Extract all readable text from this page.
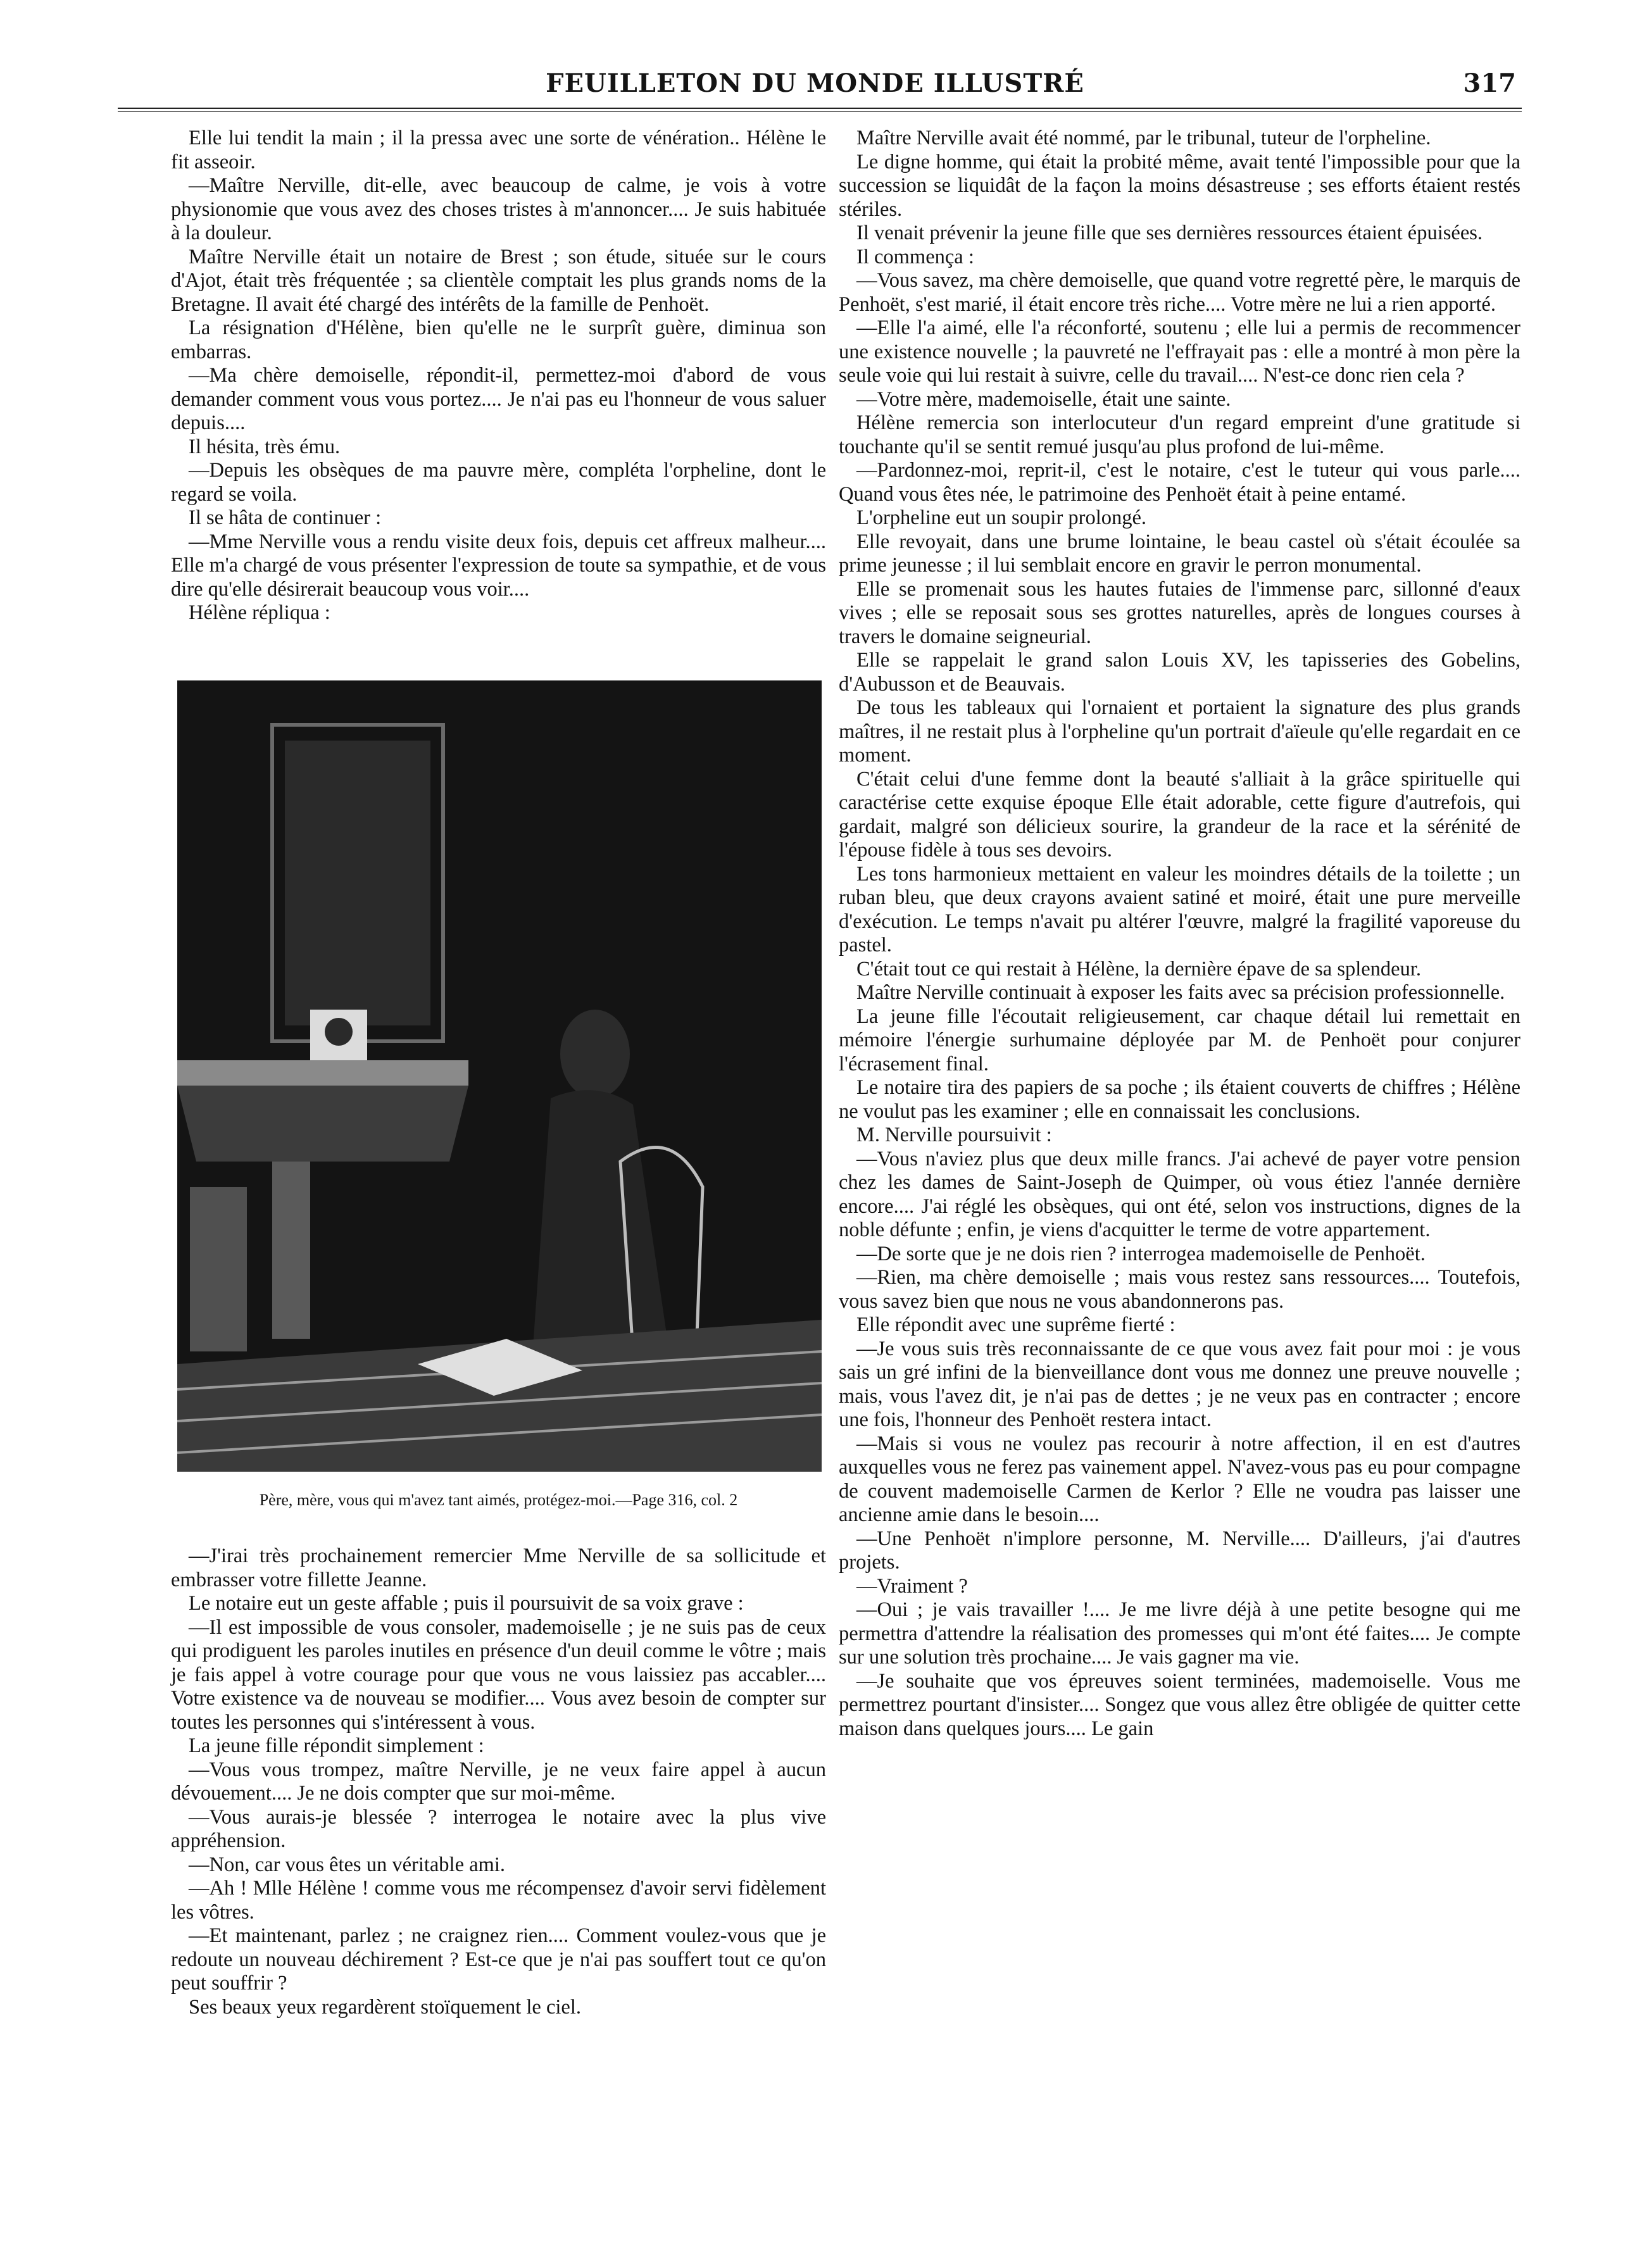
FEUILLETON DU MONDE ILLUSTRÉ	317

Elle lui tendit la main ; il la pressa avec une sorte de vénération.. Hélène le fit asseoir.

—Maître Nerville, dit-elle, avec beaucoup de calme, je vois à votre physionomie que vous avez des choses tristes à m'annoncer.... Je suis habituée à la douleur.

Maître Nerville était un notaire de Brest ; son étude, située sur le cours d'Ajot, était très fréquentée ; sa clientèle comptait les plus grands noms de la Bretagne. Il avait été chargé des intérêts de la famille de Penhoët.

La résignation d'Hélène, bien qu'elle ne le surprît guère, diminua son embarras.

—Ma chère demoiselle, répondit-il, permettez-moi d'abord de vous demander comment vous vous portez.... Je n'ai pas eu l'honneur de vous saluer depuis....

Il hésita, très ému.

—Depuis les obsèques de ma pauvre mère, compléta l'orpheline, dont le regard se voila.

Il se hâta de continuer :

—Mme Nerville vous a rendu visite deux fois, depuis cet affreux malheur.... Elle m'a chargé de vous présenter l'expression de toute sa sympathie, et de vous dire qu'elle désirerait beaucoup vous voir....

Hélène répliqua :

Père, mère, vous qui m'avez tant aimés, protégez-moi.—Page 316, col. 2

—J'irai très prochainement remercier Mme Nerville de sa sollicitude et embrasser votre fillette Jeanne.

Le notaire eut un geste affable ; puis il poursuivit de sa voix grave :

—Il est impossible de vous consoler, mademoiselle ; je ne suis pas de ceux qui prodiguent les paroles inutiles en présence d'un deuil comme le vôtre ; mais je fais appel à votre courage pour que vous ne vous laissiez pas accabler.... Votre existence va de nouveau se modifier.... Vous avez besoin de compter sur toutes les personnes qui s'intéressent à vous.

La jeune fille répondit simplement :

—Vous vous trompez, maître Nerville, je ne veux faire appel à aucun dévouement.... Je ne dois compter que sur moi-même.

—Vous aurais-je blessée ? interrogea le notaire avec la plus vive appréhension.

—Non, car vous êtes un véritable ami.

—Ah ! Mlle Hélène ! comme vous me récompensez d'avoir servi fidèlement les vôtres.

—Et maintenant, parlez ; ne craignez rien.... Comment voulez-vous que je redoute un nouveau déchirement ? Est-ce que je n'ai pas souffert tout ce qu'on peut souffrir ?

Ses beaux yeux regardèrent stoïquement le ciel.

Maître Nerville avait été nommé, par le tribunal, tuteur de l'orpheline.

Le digne homme, qui était la probité même, avait tenté l'impossible pour que la succession se liquidât de la façon la moins désastreuse ; ses efforts étaient restés stériles.

Il venait prévenir la jeune fille que ses dernières ressources étaient épuisées.

Il commença :

—Vous savez, ma chère demoiselle, que quand votre regretté père, le marquis de Penhoët, s'est marié, il était encore très riche.... Votre mère ne lui a rien apporté.

—Elle l'a aimé, elle l'a réconforté, soutenu ; elle lui a permis de recommencer une existence nouvelle ; la pauvreté ne l'effrayait pas : elle a montré à mon père la seule voie qui lui restait à suivre, celle du travail.... N'est-ce donc rien cela ?

—Votre mère, mademoiselle, était une sainte.

Hélène remercia son interlocuteur d'un regard empreint d'une gratitude si touchante qu'il se sentit remué jusqu'au plus profond de lui-même.

—Pardonnez-moi, reprit-il, c'est le notaire, c'est le tuteur qui vous parle.... Quand vous êtes née, le patrimoine des Penhoët était à peine entamé.

L'orpheline eut un soupir prolongé.

Elle revoyait, dans une brume lointaine, le beau castel où s'était écoulée sa prime jeunesse ; il lui semblait encore en gravir le perron monumental.

Elle se promenait sous les hautes futaies de l'immense parc, sillonné d'eaux vives ; elle se reposait sous ses grottes naturelles, après de longues courses à travers le domaine seigneurial.

Elle se rappelait le grand salon Louis XV, les tapisseries des Gobelins, d'Aubusson et de Beauvais.

De tous les tableaux qui l'ornaient et portaient la signature des plus grands maîtres, il ne restait plus à l'orpheline qu'un portrait d'aïeule qu'elle regardait en ce moment.

C'était celui d'une femme dont la beauté s'alliait à la grâce spirituelle qui caractérise cette exquise époque Elle était adorable, cette figure d'autrefois, qui gardait, malgré son délicieux sourire, la grandeur de la race et la sérénité de l'épouse fidèle à tous ses devoirs.

Les tons harmonieux mettaient en valeur les moindres détails de la toilette ; un ruban bleu, que deux crayons avaient satiné et moiré, était une pure merveille d'exécution. Le temps n'avait pu altérer l'œuvre, malgré la fragilité vaporeuse du pastel.

C'était tout ce qui restait à Hélène, la dernière épave de sa splendeur.

Maître Nerville continuait à exposer les faits avec sa précision professionnelle.

La jeune fille l'écoutait religieusement, car chaque détail lui remettait en mémoire l'énergie surhumaine déployée par M. de Penhoët pour conjurer l'écrasement final.

Le notaire tira des papiers de sa poche ; ils étaient couverts de chiffres ; Hélène ne voulut pas les examiner ; elle en connaissait les conclusions.

M. Nerville poursuivit :

—Vous n'aviez plus que deux mille francs. J'ai achevé de payer votre pension chez les dames de Saint-Joseph de Quimper, où vous étiez l'année dernière encore.... J'ai réglé les obsèques, qui ont été, selon vos instructions, dignes de la noble défunte ; enfin, je viens d'acquitter le terme de votre appartement.

—De sorte que je ne dois rien ? interrogea mademoiselle de Penhoët.

—Rien, ma chère demoiselle ; mais vous restez sans ressources.... Toutefois, vous savez bien que nous ne vous abandonnerons pas.

Elle répondit avec une suprême fierté :

—Je vous suis très reconnaissante de ce que vous avez fait pour moi : je vous sais un gré infini de la bienveillance dont vous me donnez une preuve nouvelle ; mais, vous l'avez dit, je n'ai pas de dettes ; je ne veux pas en contracter ; encore une fois, l'honneur des Penhoët restera intact.

—Mais si vous ne voulez pas recourir à notre affection, il en est d'autres auxquelles vous ne ferez pas vainement appel. N'avez-vous pas eu pour compagne de couvent mademoiselle Carmen de Kerlor ? Elle ne voudra pas laisser une ancienne amie dans le besoin....

—Une Penhoët n'implore personne, M. Nerville.... D'ailleurs, j'ai d'autres projets.

—Vraiment ?

—Oui ; je vais travailler !.... Je me livre déjà à une petite besogne qui me permettra d'attendre la réalisation des promesses qui m'ont été faites.... Je compte sur une solution très prochaine.... Je vais gagner ma vie.

—Je souhaite que vos épreuves soient terminées, mademoiselle. Vous me permettrez pourtant d'insister.... Songez que vous allez être obligée de quitter cette maison dans quelques jours.... Le gain
